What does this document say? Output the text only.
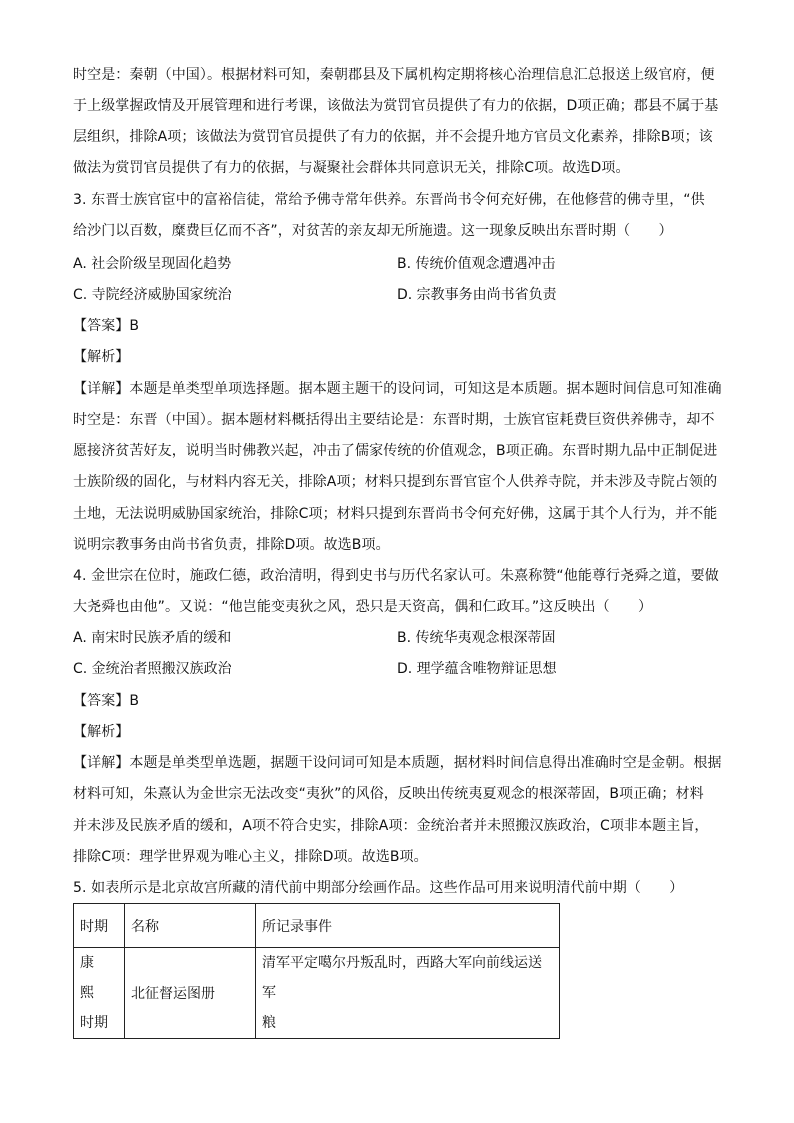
时空是：秦朝（中国）。根据材料可知，秦朝郡县及下属机构定期将核心治理信息汇总报送上级官府，便
于上级掌握政情及开展管理和进行考课，该做法为赏罚官员提供了有力的依据，D项正确；郡县不属于基
层组织，排除A项；该做法为赏罚官员提供了有力的依据，并不会提升地方官员文化素养，排除B项；该
做法为赏罚官员提供了有力的依据，与凝聚社会群体共同意识无关，排除C项。故选D项。
3. 东晋士族官宦中的富裕信徒，常给予佛寺常年供养。东晋尚书令何充好佛，在他修营的佛寺里，“供
给沙门以百数，糜费巨亿而不吝”，对贫苦的亲友却无所施遗。这一现象反映出东晋时期（　　）
A. 社会阶级呈现固化趋势	B. 传统价值观念遭遇冲击
C. 寺院经济威胁国家统治	D. 宗教事务由尚书省负责
【答案】B
【解析】
【详解】本题是单类型单项选择题。据本题主题干的设问词，可知这是本质题。据本题时间信息可知准确
时空是：东晋（中国）。据本题材料概括得出主要结论是：东晋时期，士族官宦耗费巨资供养佛寺，却不
愿接济贫苦好友，说明当时佛教兴起，冲击了儒家传统的价值观念，B项正确。东晋时期九品中正制促进
士族阶级的固化，与材料内容无关，排除A项；材料只提到东晋官宦个人供养寺院，并未涉及寺院占领的
土地，无法说明威胁国家统治，排除C项；材料只提到东晋尚书令何充好佛，这属于其个人行为，并不能
说明宗教事务由尚书省负责，排除D项。故选B项。
4. 金世宗在位时，施政仁德，政治清明，得到史书与历代名家认可。朱熹称赞“他能尊行尧舜之道，要做
大尧舜也由他”。又说：“他岂能变夷狄之风，恐只是天资高，偶和仁政耳。”这反映出（　　）
A. 南宋时民族矛盾的缓和	B. 传统华夷观念根深蒂固
C. 金统治者照搬汉族政治	D. 理学蕴含唯物辩证思想
【答案】B
【解析】
【详解】本题是单类型单选题，据题干设问词可知是本质题，据材料时间信息得出准确时空是金朝。根据
材料可知，朱熹认为金世宗无法改变“夷狄”的风俗，反映出传统夷夏观念的根深蒂固，B项正确；材料
并未涉及民族矛盾的缓和，A项不符合史实，排除A项：金统治者并未照搬汉族政治，C项非本题主旨，
排除C项：理学世界观为唯心主义，排除D项。故选B项。
5. 如表所示是北京故宫所藏的清代前中期部分绘画作品。这些作品可用来说明清代前中期（　　）
时期	名称	所记录事件

康　熙
时期	北征督运图册	清军平定噶尔丹叛乱时，西路大军向前线运送军
粮
